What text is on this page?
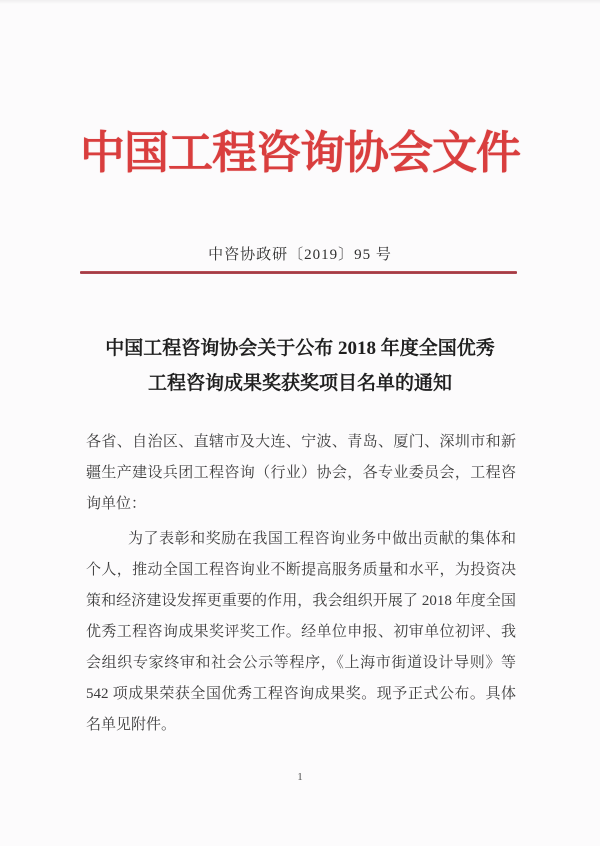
中国工程咨询协会文件
中咨协政研〔2019〕95 号
中国工程咨询协会关于公布 2018 年度全国优秀
工程咨询成果奖获奖项目名单的通知

各省、自治区、直辖市及大连、宁波、青岛、厦门、深圳市和新疆生产建设兵团工程咨询（行业）协会，各专业委员会，工程咨询单位：

为了表彰和奖励在我国工程咨询业务中做出贡献的集体和个人，推动全国工程咨询业不断提高服务质量和水平，为投资决策和经济建设发挥更重要的作用，我会组织开展了 2018 年度全国优秀工程咨询成果奖评奖工作。经单位申报、初审单位初评、我会组织专家终审和社会公示等程序，《上海市街道设计导则》等 542 项成果荣获全国优秀工程咨询成果奖。现予正式公布。具体名单见附件。

1
